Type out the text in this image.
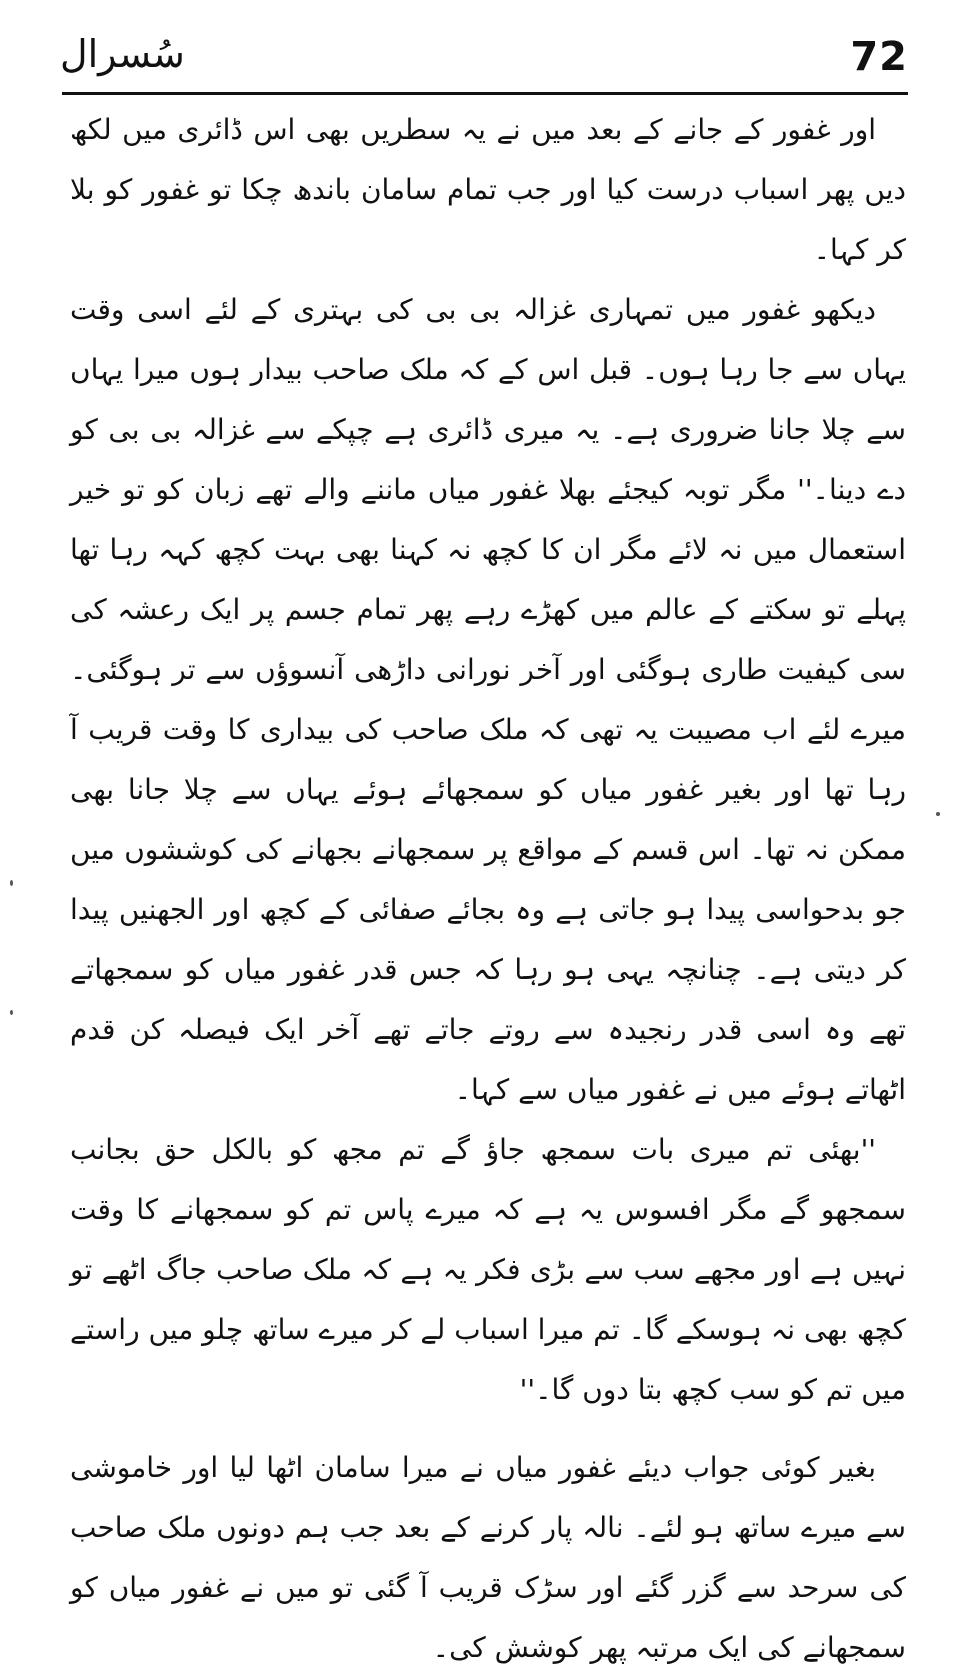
سُسرال	72

اور غفور کے جانے کے بعد میں نے یہ سطریں بھی اس ڈائری میں لکھ دیں پھر اسباب درست کیا اور جب تمام سامان باندھ چکا تو غفور کو بلا کر کہا۔

دیکھو غفور میں تمہاری غزالہ بی بی کی بہتری کے لئے اسی وقت یہاں سے جا رہا ہوں۔ قبل اس کے کہ ملک صاحب بیدار ہوں میرا یہاں سے چلا جانا ضروری ہے۔ یہ میری ڈائری ہے چپکے سے غزالہ بی بی کو دے دینا۔'' مگر توبہ کیجئے بھلا غفور میاں ماننے والے تھے زبان کو تو خیر استعمال میں نہ لائے مگر ان کا کچھ نہ کہنا بھی بہت کچھ کہہ رہا تھا پہلے تو سکتے کے عالم میں کھڑے رہے پھر تمام جسم پر ایک رعشہ کی سی کیفیت طاری ہوگئی اور آخر نورانی داڑھی آنسوؤں سے تر ہوگئی۔ میرے لئے اب مصیبت یہ تھی کہ ملک صاحب کی بیداری کا وقت قریب آ رہا تھا اور بغیر غفور میاں کو سمجھائے ہوئے یہاں سے چلا جانا بھی ممکن نہ تھا۔ اس قسم کے مواقع پر سمجھانے بجھانے کی کوششوں میں جو بدحواسی پیدا ہو جاتی ہے وہ بجائے صفائی کے کچھ اور الجھنیں پیدا کر دیتی ہے۔ چنانچہ یہی ہو رہا کہ جس قدر غفور میاں کو سمجھاتے تھے وہ اسی قدر رنجیدہ سے روتے جاتے تھے آخر ایک فیصلہ کن قدم اٹھاتے ہوئے میں نے غفور میاں سے کہا۔

''بھئی تم میری بات سمجھ جاؤ گے تم مجھ کو بالکل حق بجانب سمجھو گے مگر افسوس یہ ہے کہ میرے پاس تم کو سمجھانے کا وقت نہیں ہے اور مجھے سب سے بڑی فکر یہ ہے کہ ملک صاحب جاگ اٹھے تو کچھ بھی نہ ہوسکے گا۔ تم میرا اسباب لے کر میرے ساتھ چلو میں راستے میں تم کو سب کچھ بتا دوں گا۔''

بغیر کوئی جواب دیئے غفور میاں نے میرا سامان اٹھا لیا اور خاموشی سے میرے ساتھ ہو لئے۔ نالہ پار کرنے کے بعد جب ہم دونوں ملک صاحب کی سرحد سے گزر گئے اور سڑک قریب آ گئی تو میں نے غفور میاں کو سمجھانے کی ایک مرتبہ پھر کوشش کی۔
